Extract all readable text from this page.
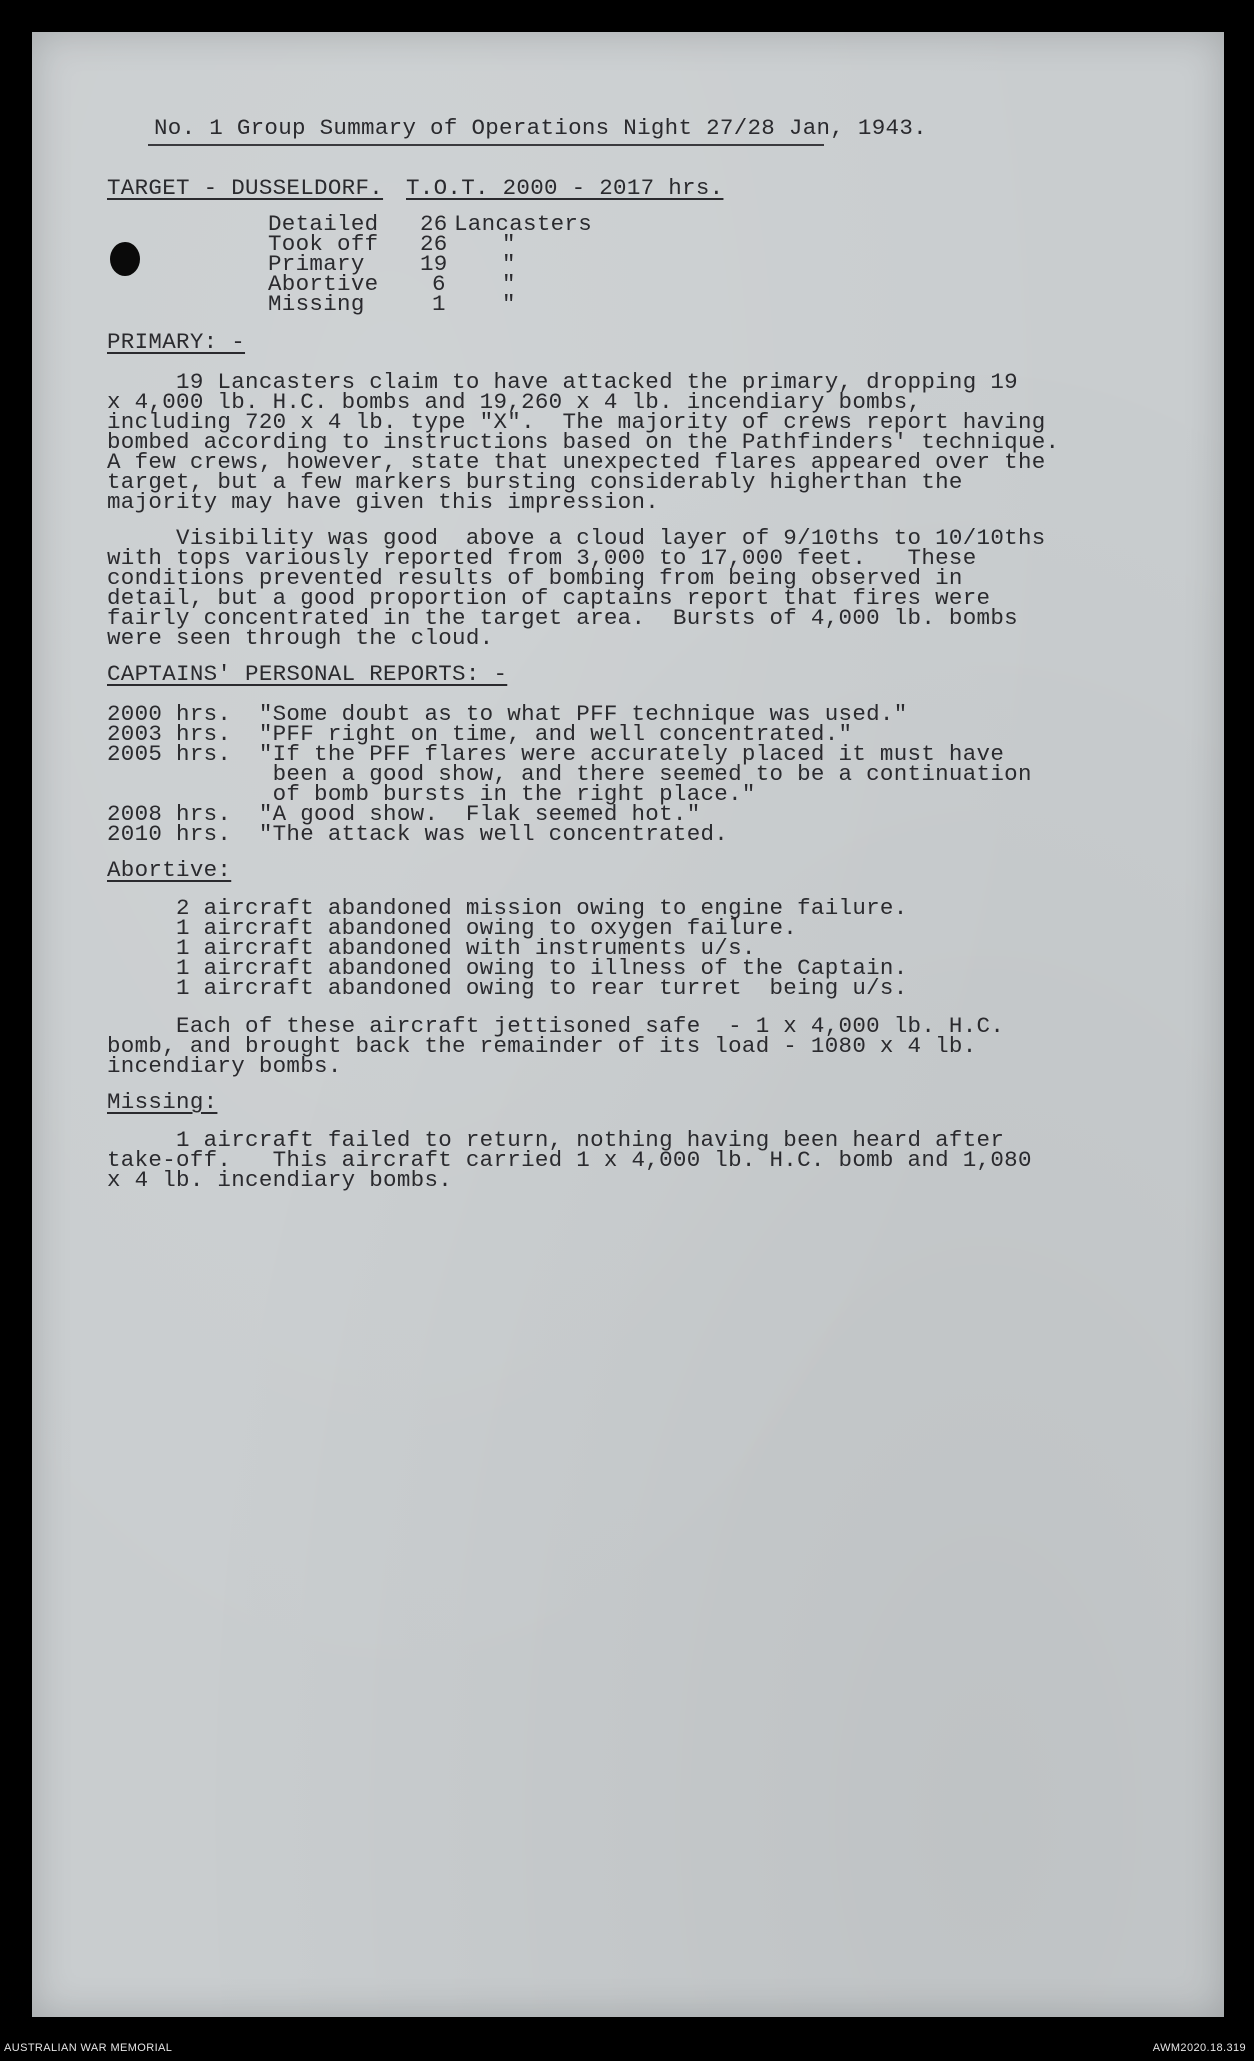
No. 1 Group Summary of Operations Night 27/28 Jan, 1943.
TARGET - DUSSELDORF. T.O.T. 2000 - 2017 hrs.
Detailed 26 Lancasters
Took off 26 "
Primary 19 "
Abortive 6 "
Missing	1 "
PRIMARY: -
19 Lancasters claim to have attacked the primary, dropping 19
x 4,000 lb. H.C. bombs and 19,260 x 4 lb. incendiary bombs,
including 720 x 4 lb. type "X".  The majority of crews report having
bombed according to instructions based on the Pathfinders' technique.
A few crews, however, state that unexpected flares appeared over the
target, but a few markers bursting considerably higherthan the
majority may have given this impression.
Visibility was good  above a cloud layer of 9/10ths to 10/10ths
with tops variously reported from 3,000 to 17,000 feet.   These
conditions prevented results of bombing from being observed in
detail, but a good proportion of captains report that fires were
fairly concentrated in the target area.  Bursts of 4,000 lb. bombs
were seen through the cloud.
CAPTAINS' PERSONAL REPORTS: -
2000 hrs.  "Some doubt as to what PFF technique was used."
2003 hrs.  "PFF right on time, and well concentrated."
2005 hrs.  "If the PFF flares were accurately placed it must have
been a good show, and there seemed to be a continuation
of bomb bursts in the right place."
2008 hrs.  "A good show.  Flak seemed hot."
2010 hrs.  "The attack was well concentrated.
Abortive:
2 aircraft abandoned mission owing to engine failure.
1 aircraft abandoned owing to oxygen failure.
1 aircraft abandoned with instruments u/s.
1 aircraft abandoned owing to illness of the Captain.
1 aircraft abandoned owing to rear turret  being u/s.
Each of these aircraft jettisoned safe  - 1 x 4,000 lb. H.C.
bomb, and brought back the remainder of its load - 1080 x 4 lb.
incendiary bombs.
Missing:
1 aircraft failed to return, nothing having been heard after
take-off.   This aircraft carried 1 x 4,000 lb. H.C. bomb and 1,080
x 4 lb. incendiary bombs.
AUSTRALIAN WAR MEMORIAL	AWM2020.18.319
